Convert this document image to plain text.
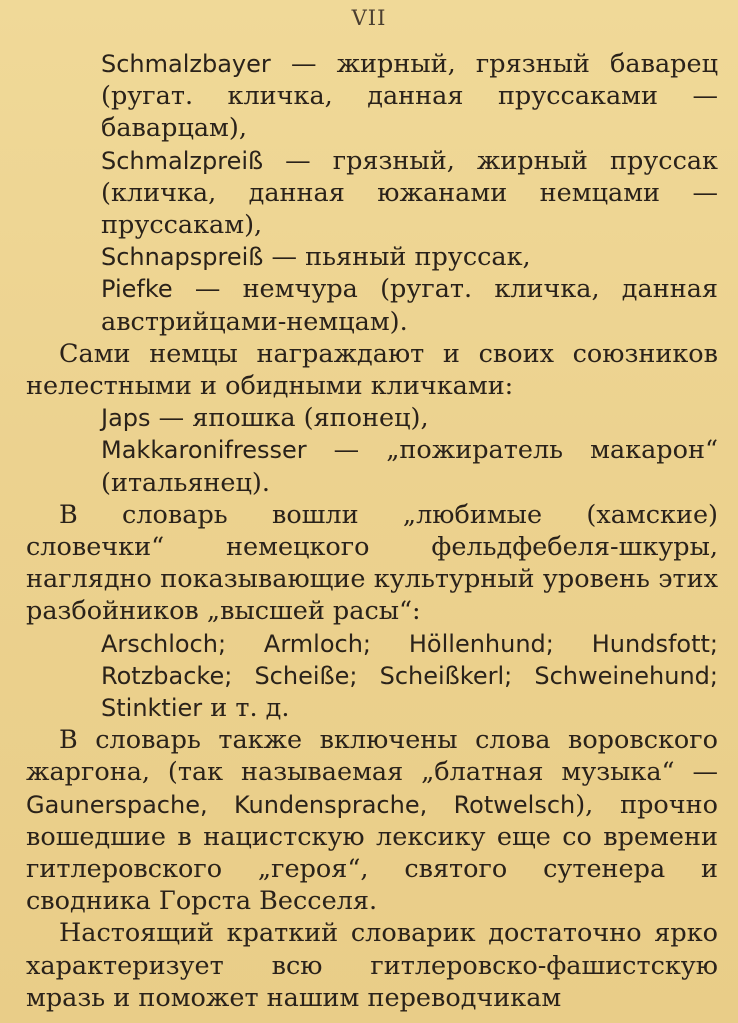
VII
Schmalzbayer — жирный, грязный баварец (ругат. кличка, данная пруссаками — баварцам),
Schmalzpreiß — грязный, жирный пруссак (кличка, данная южанами немцами — пруссакам),
Schnapspreiß — пьяный пруссак,
Piefke — немчура (ругат. кличка, данная австрийцами-немцам).

Сами немцы награждают и своих союзников нелестными и обидными кличками:

Japs — япошка (японец),
Makkaronifresser — „пожиратель макарон“ (итальянец).

В словарь вошли „любимые (хамские) словечки“ немецкого фельдфебеля-шкуры, наглядно показывающие культурный уровень этих разбойников „высшей расы“:

Arschloch; Armloch; Höllenhund; Hundsfott; Rotzbacke; Scheiße; Scheißkerl; Schweinehund; Stinktier и т. д.

В словарь также включены слова воровского жаргона, (так называемая „блатная музыка“ — Gaunerspache, Kundensprache, Rotwelsch), прочно вошедшие в нацистскую лексику еще со времени гитлеровского „героя“, святого сутенера и сводника Горста Весселя.

Настоящий краткий словарик достаточно ярко характеризует всю гитлеровско-фашистскую мразь и поможет нашим переводчикам
